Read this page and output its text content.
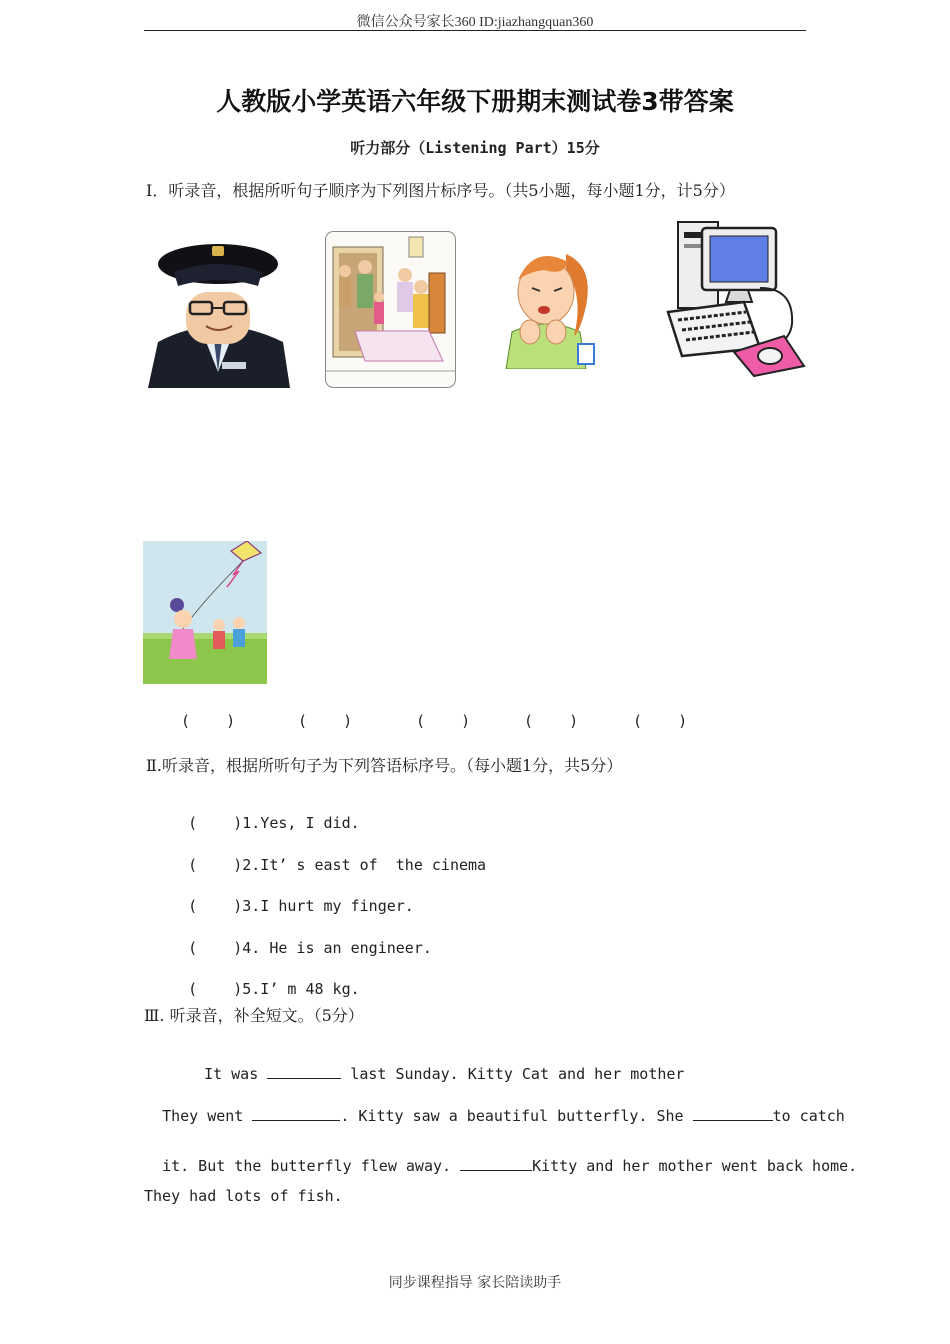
微信公众号家长360 ID:jiazhangquan360
人教版小学英语六年级下册期末测试卷3带答案
听力部分（Listening Part）15分
Ⅰ．听录音，根据所听句子顺序为下列图片标序号。（共5小题，每小题1分，计5分）
(    )	(    )	(    )	(    )	(    )
Ⅱ.听录音，根据所听句子为下列答语标序号。（每小题1分，共5分）

(    )1.Yes, I did.

(    )2.It’ s east of  the cinema

(    )3.I hurt my finger.

(    )4. He is an engineer.

(    )5.I’ m 48 kg.

Ⅲ. 听录音，补全短文。（5分）

It was	last Sunday. Kitty Cat and her mother

They went	. Kitty saw a beautiful butterfly. She	to catch

it. But the butterfly flew away.	Kitty and her mother went back home.

They had lots of fish.
同步课程指导 家长陪读助手
